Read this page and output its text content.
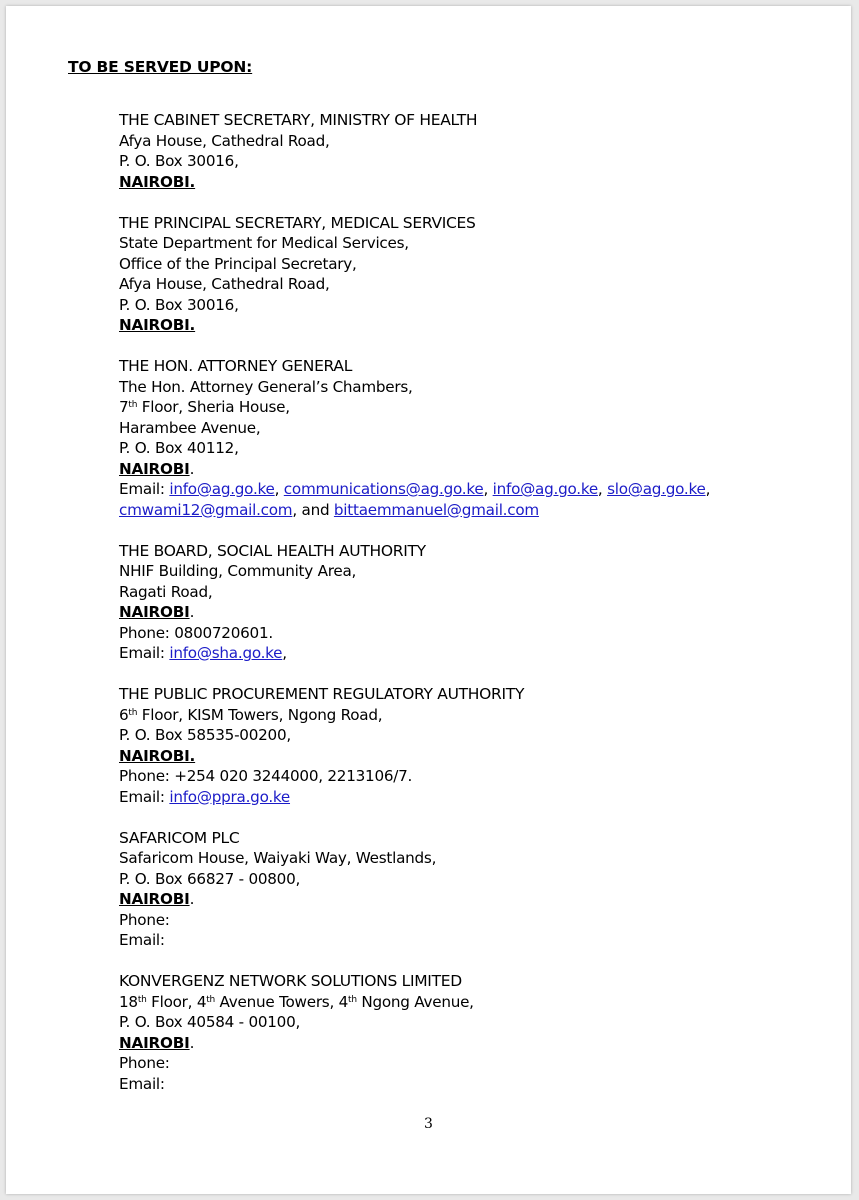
TO BE SERVED UPON:
THE CABINET SECRETARY, MINISTRY OF HEALTH
Afya House, Cathedral Road,
P. O. Box 30016,
NAIROBI.
THE PRINCIPAL SECRETARY, MEDICAL SERVICES
State Department for Medical Services,
Office of the Principal Secretary,
Afya House, Cathedral Road,
P. O. Box 30016,
NAIROBI.
THE HON. ATTORNEY GENERAL
The Hon. Attorney General’s Chambers,
7th Floor, Sheria House,
Harambee Avenue,
P. O. Box 40112,
NAIROBI.
Email: info@ag.go.ke, communications@ag.go.ke, info@ag.go.ke, slo@ag.go.ke,
cmwami12@gmail.com, and bittaemmanuel@gmail.com
THE BOARD, SOCIAL HEALTH AUTHORITY
NHIF Building, Community Area,
Ragati Road,
NAIROBI.
Phone: 0800720601.
Email: info@sha.go.ke,
THE PUBLIC PROCUREMENT REGULATORY AUTHORITY
6th Floor, KISM Towers, Ngong Road,
P. O. Box 58535-00200,
NAIROBI.
Phone: +254 020 3244000, 2213106/7.
Email: info@ppra.go.ke
SAFARICOM PLC
Safaricom House, Waiyaki Way, Westlands,
P. O. Box 66827 - 00800,
NAIROBI.
Phone:
Email:
KONVERGENZ NETWORK SOLUTIONS LIMITED
18th Floor, 4th Avenue Towers, 4th Ngong Avenue,
P. O. Box 40584 - 00100,
NAIROBI.
Phone:
Email:
3
